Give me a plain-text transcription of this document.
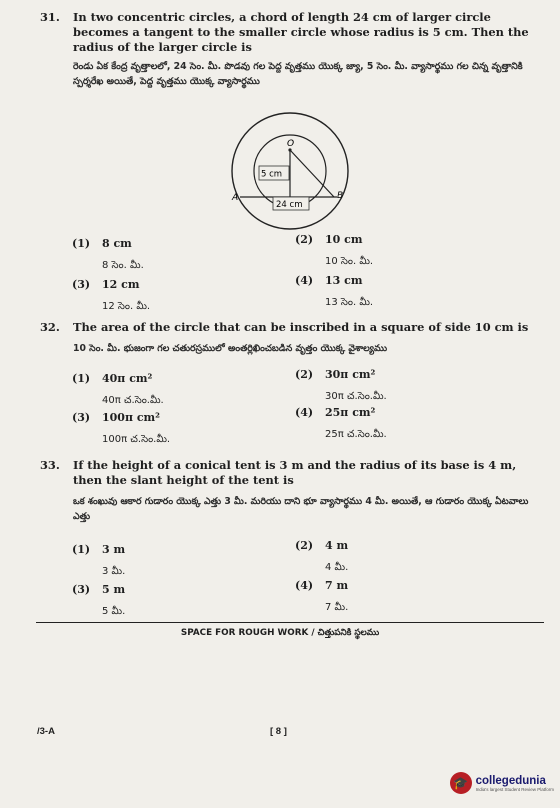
31. In two concentric circles, a chord of length 24 cm of larger circle becomes a tangent to the smaller circle whose radius is 5 cm. Then the radius of the larger circle is
రెండు ఏక కేంద్ర వృత్తాలలో, 24 సెం. మీ. పొడవు గల పెద్ద వృత్తము యొక్క జ్యా, 5 సెం. మీ. వ్యాసార్థము గల చిన్న వృత్తానికి స్పర్శరేఖ అయితే, పెద్ద వృత్తము యొక్క వ్యాసార్థము
O
A	B
5 cm
24 cm
(1) 8 cm
8 సెం. మీ.
(2) 10 cm
10 సెం. మీ.
(3) 12 cm
12 సెం. మీ.
(4) 13 cm
13 సెం. మీ.
32. The area of the circle that can be inscribed in a square of side 10 cm is
10 సెం. మీ. భుజంగా గల చతురస్రములో అంతర్లిఖించబడిన వృత్తం యొక్క వైశాల్యము
(1) 40π cm²
40π చ.సెం.మీ.
(2) 30π cm²
30π చ.సెం.మీ.
(3) 100π cm²
100π చ.సెం.మీ.
(4) 25π cm²
25π చ.సెం.మీ.
33. If the height of a conical tent is 3 m and the radius of its base is 4 m, then the slant height of the tent is
ఒక శంఖువు ఆకార గుడారం యొక్క ఎత్తు 3 మీ. మరియు దాని భూ వ్యాసార్థము 4 మీ. అయితే, ఆ గుడారం యొక్క ఏటవాలు ఎత్తు
(1) 3 m
3 మీ.
(2) 4 m
4 మీ.
(3) 5 m
5 మీ.
(4) 7 m
7 మీ.
SPACE FOR ROUGH WORK / చిత్తుపనికి స్థలము
/3-A	[ 8 ]
🎓 collegedunia
India's largest Student Review Platform
